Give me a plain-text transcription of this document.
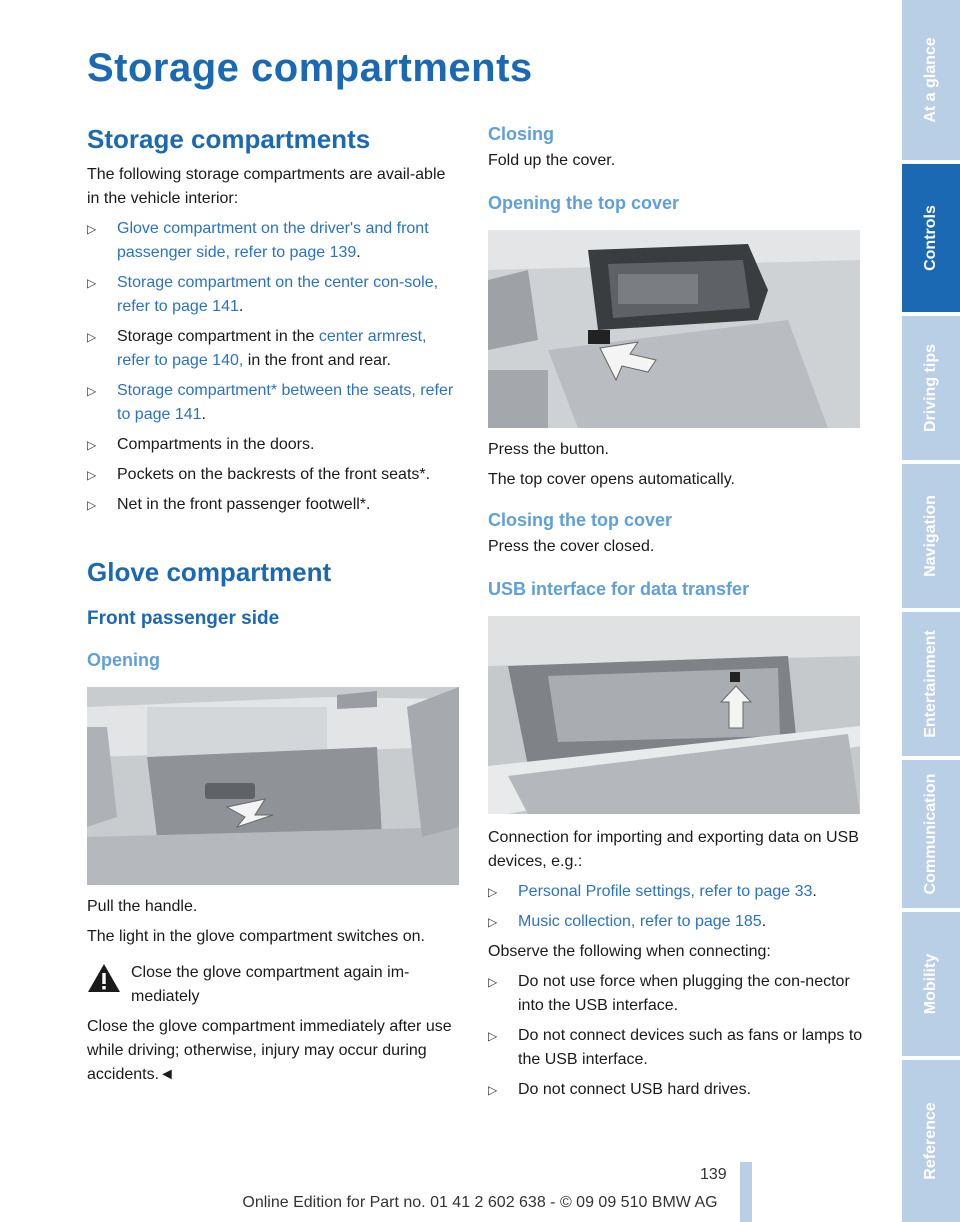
Storage compartments
Storage compartments

The following storage compartments are avail-able in the vehicle interior:

▷ Glove compartment on the driver's and front passenger side, refer to page 139.
▷ Storage compartment on the center con-sole, refer to page 141.
▷ Storage compartment in the center armrest, refer to page 140, in the front and rear.
▷ Storage compartment* between the seats, refer to page 141.
▷ Compartments in the doors.
▷ Pockets on the backrests of the front seats*.
▷ Net in the front passenger footwell*.
Glove compartment
Front passenger side
Opening

Pull the handle.

The light in the glove compartment switches on.

Close the glove compartment again im-mediately

Close the glove compartment immediately after use while driving; otherwise, injury may occur during accidents.◄

Closing

Fold up the cover.

Opening the top cover

Press the button.

The top cover opens automatically.

Closing the top cover

Press the cover closed.

USB interface for data transfer

Connection for importing and exporting data on USB devices, e.g.:

▷ Personal Profile settings, refer to page 33.
▷ Music collection, refer to page 185.

Observe the following when connecting:

▷ Do not use force when plugging the con-nector into the USB interface.
▷ Do not connect devices such as fans or lamps to the USB interface.
▷ Do not connect USB hard drives.
At a glance
Controls
Driving tips
Navigation
Entertainment
Communication
Mobility
Reference
139
Online Edition for Part no. 01 41 2 602 638 - © 09 09 510 BMW AG
